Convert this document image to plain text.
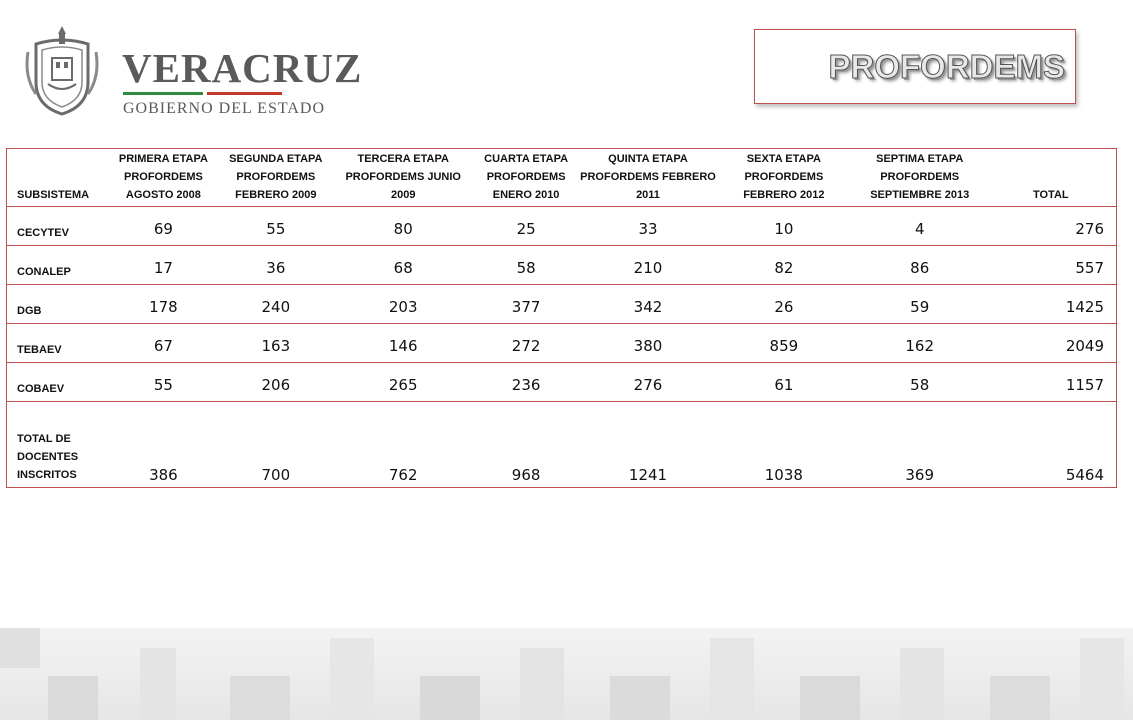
VERACRUZ
GOBIERNO DEL ESTADO
PROFORDEMS
SUBSISTEMA	PRIMERA ETAPA PROFORDEMS AGOSTO 2008	SEGUNDA ETAPA PROFORDEMS FEBRERO 2009	TERCERA ETAPA PROFORDEMS JUNIO 2009	CUARTA ETAPA PROFORDEMS ENERO 2010	QUINTA ETAPA PROFORDEMS FEBRERO 2011	SEXTA ETAPA PROFORDEMS FEBRERO 2012	SEPTIMA ETAPA PROFORDEMS SEPTIEMBRE 2013	TOTAL
CECYTEV	69	55	80	25	33	10	4	276
CONALEP	17	36	68	58	210	82	86	557
DGB	178	240	203	377	342	26	59	1425
TEBAEV	67	163	146	272	380	859	162	2049
COBAEV	55	206	265	236	276	61	58	1157
TOTAL DE DOCENTES INSCRITOS	386	700	762	968	1241	1038	369	5464
